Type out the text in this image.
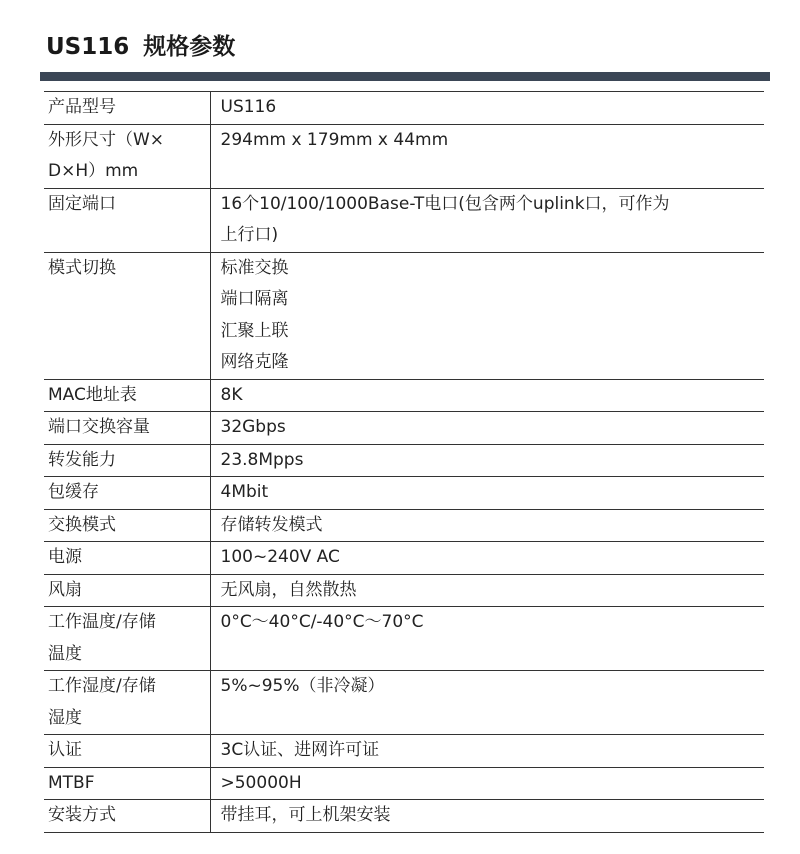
US116 规格参数
产品型号	US116

外形尺寸（W×
D×H）mm	294mm x 179mm x 44mm

固定端口	16个10/100/1000Base-T电口(包含两个uplink口，可作为
上行口)

模式切换	标准交换
端口隔离
汇聚上联
网络克隆

MAC地址表	8K

端口交换容量	32Gbps

转发能力	23.8Mpps

包缓存	4Mbit

交换模式	存储转发模式

电源	100~240V AC

风扇	无风扇，自然散热

工作温度/存储
温度	0°C～40°C/-40°C～70°C

工作湿度/存储
湿度	5%~95%（非冷凝）

认证	3C认证、进网许可证

MTBF	>50000H

安装方式	带挂耳，可上机架安装
